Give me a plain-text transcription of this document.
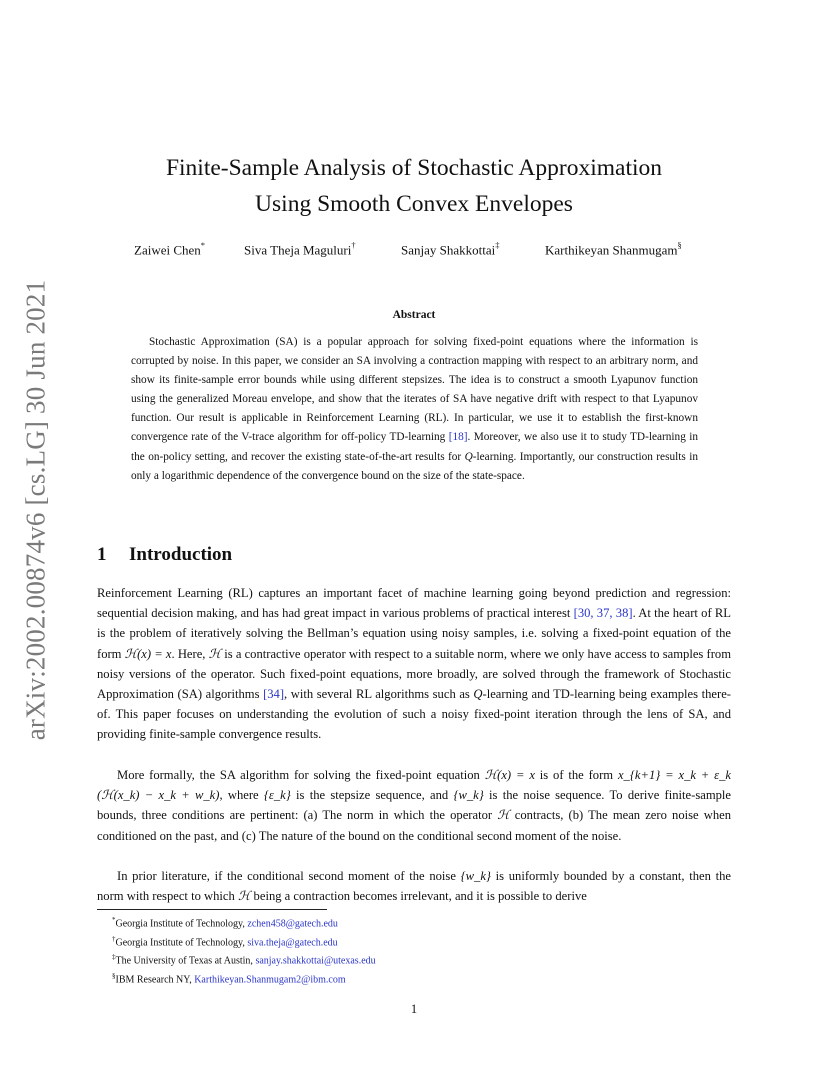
arXiv:2002.00874v6 [cs.LG] 30 Jun 2021
Finite-Sample Analysis of Stochastic Approximation
Using Smooth Convex Envelopes
Zaiwei Chen*	Siva Theja Maguluri†	Sanjay Shakkottai‡	Karthikeyan Shanmugam§
Abstract
Stochastic Approximation (SA) is a popular approach for solving fixed-point equations where the information is corrupted by noise. In this paper, we consider an SA involving a contraction mapping with respect to an arbitrary norm, and show its finite-sample error bounds while using different stepsizes. The idea is to construct a smooth Lyapunov function using the generalized Moreau envelope, and show that the iterates of SA have negative drift with respect to that Lyapunov function. Our result is applicable in Reinforcement Learning (RL). In particular, we use it to establish the first-known convergence rate of the V-trace algorithm for off-policy TD-learning [18]. Moreover, we also use it to study TD-learning in the on-policy setting, and recover the existing state-of-the-art results for Q-learning. Importantly, our construction results in only a logarithmic dependence of the convergence bound on the size of the state-space.
1 Introduction
Reinforcement Learning (RL) captures an important facet of machine learning going beyond prediction and regression: sequential decision making, and has had great impact in various problems of practical interest [30, 37, 38]. At the heart of RL is the problem of iteratively solving the Bellman’s equation using noisy samples, i.e. solving a fixed-point equation of the form ℋ(x) = x. Here, ℋ is a contractive operator with respect to a suitable norm, where we only have access to samples from noisy versions of the operator. Such fixed-point equations, more broadly, are solved through the framework of Stochastic Approximation (SA) algorithms [34], with several RL algorithms such as Q-learning and TD-learning being examples there-of. This paper focuses on understanding the evolution of such a noisy fixed-point iteration through the lens of SA, and providing finite-sample convergence results.
More formally, the SA algorithm for solving the fixed-point equation ℋ(x) = x is of the form x_{k+1} = x_k + ε_k (ℋ(x_k) − x_k + w_k), where {ε_k} is the stepsize sequence, and {w_k} is the noise sequence. To derive finite-sample bounds, three conditions are pertinent: (a) The norm in which the operator ℋ contracts, (b) The mean zero noise when conditioned on the past, and (c) The nature of the bound on the conditional second moment of the noise.
In prior literature, if the conditional second moment of the noise {w_k} is uniformly bounded by a constant, then the norm with respect to which ℋ being a contraction becomes irrelevant, and it is possible to derive
*Georgia Institute of Technology, zchen458@gatech.edu
†Georgia Institute of Technology, siva.theja@gatech.edu
‡The University of Texas at Austin, sanjay.shakkottai@utexas.edu
§IBM Research NY, Karthikeyan.Shanmugam2@ibm.com
1
